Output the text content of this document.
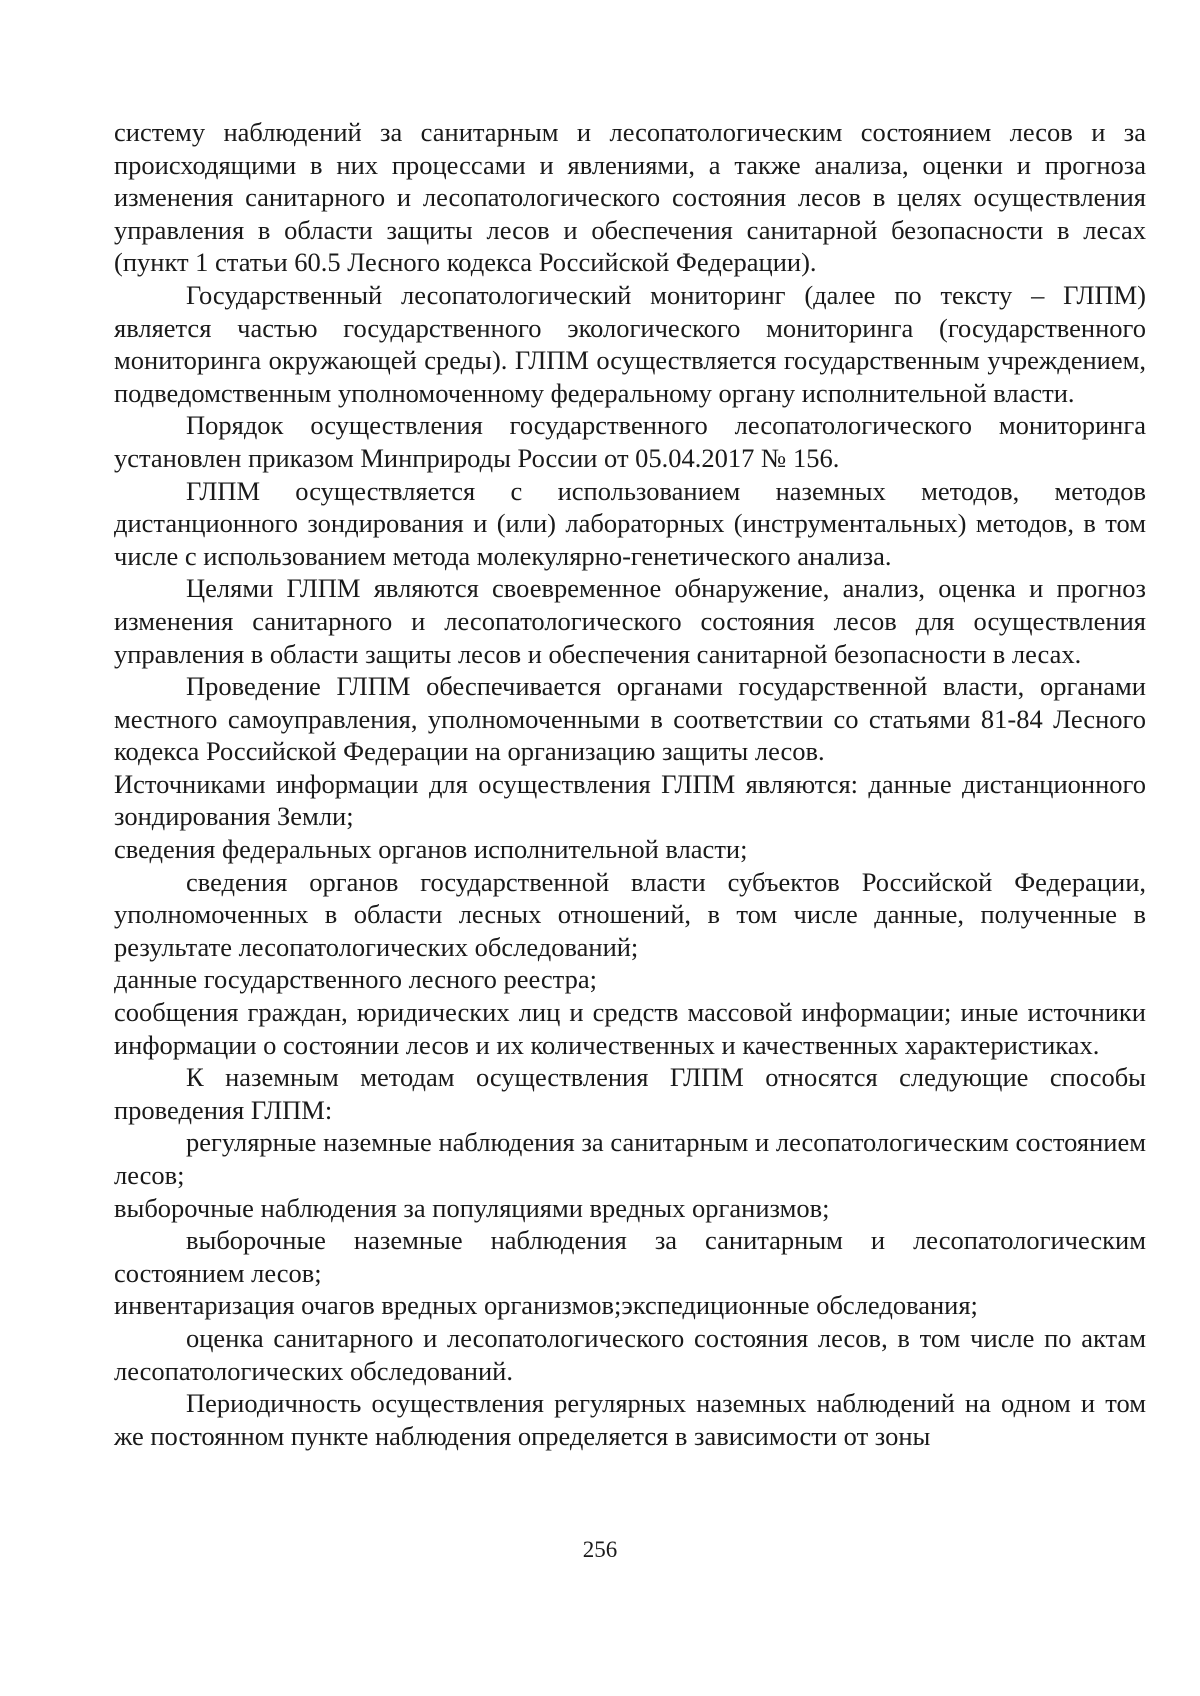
систему наблюдений за санитарным и лесопатологическим состоянием лесов и за происходящими в них процессами и явлениями, а также анализа, оценки и прогноза изменения санитарного и лесопатологического состояния лесов в целях осуществления управления в области защиты лесов и обеспечения санитарной безопасности в лесах (пункт 1 статьи 60.5 Лесного кодекса Российской Федерации).

Государственный лесопатологический мониторинг (далее по тексту – ГЛПМ) является частью государственного экологического мониторинга (государственного мониторинга окружающей среды). ГЛПМ осуществляется государственным учреждением, подведомственным уполномоченному федеральному органу исполнительной власти.

Порядок осуществления государственного лесопатологического мониторинга установлен приказом Минприроды России от 05.04.2017 № 156.

ГЛПМ осуществляется с использованием наземных методов, методов дистанционного зондирования и (или) лабораторных (инструментальных) методов, в том числе с использованием метода молекулярно-генетического анализа.

Целями ГЛПМ являются своевременное обнаружение, анализ, оценка и прогноз изменения санитарного и лесопатологического состояния лесов для осуществления управления в области защиты лесов и обеспечения санитарной безопасности в лесах.

Проведение ГЛПМ обеспечивается органами государственной власти, органами местного самоуправления, уполномоченными в соответствии со статьями 81-84 Лесного кодекса Российской Федерации на организацию защиты лесов.

Источниками информации для осуществления ГЛПМ являются: данные дистанционного зондирования Земли;

сведения федеральных органов исполнительной власти;

сведения органов государственной власти субъектов Российской Федерации, уполномоченных в области лесных отношений, в том числе данные, полученные в результате лесопатологических обследований;

данные государственного лесного реестра;

сообщения граждан, юридических лиц и средств массовой информации; иные источники информации о состоянии лесов и их количественных и качественных характеристиках.

К наземным методам осуществления ГЛПМ относятся следующие способы проведения ГЛПМ:

регулярные наземные наблюдения за санитарным и лесопатологическим состоянием лесов;

выборочные наблюдения за популяциями вредных организмов;

выборочные наземные наблюдения за санитарным и лесопатологическим состоянием лесов;

инвентаризация очагов вредных организмов;экспедиционные обследования;

оценка санитарного и лесопатологического состояния лесов, в том числе по актам лесопатологических обследований.

Периодичность осуществления регулярных наземных наблюдений на одном и том же постоянном пункте наблюдения определяется в зависимости от зоны

256
